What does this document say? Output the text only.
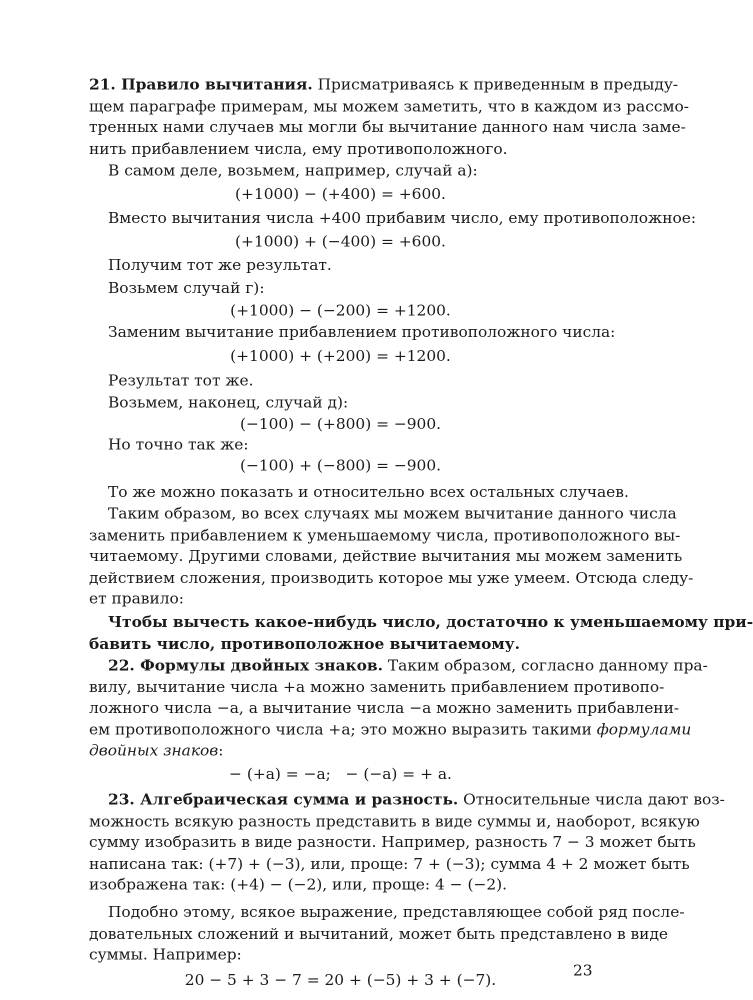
21. Правило вычитания. Присматриваясь к приведенным в предыду-
щем параграфе примерам, мы можем заметить, что в каждом из рассмо-
тренных нами случаев мы могли бы вычитание данного нам числа заме-
нить прибавлением числа, ему противоположного.

В самом деле, возьмем, например, случай а):
(+1000) − (+400) = +600.
Вместо вычитания числа +400 прибавим число, ему противоположное:
(+1000) + (−400) = +600.
Получим тот же результат.
Возьмем случай г):
(+1000) − (−200) = +1200.
Заменим вычитание прибавлением противоположного числа:
(+1000) + (+200) = +1200.
Результат тот же.
Возьмем, наконец, случай д):
(−100) − (+800) = −900.
Но точно так же:
(−100) + (−800) = −900.
То же можно показать и относительно всех остальных случаев.

Таким образом, во всех случаях мы можем вычитание данного числа
заменить прибавлением к уменьшаемому числа, противоположного вы-
читаемому. Другими словами, действие вычитания мы можем заменить
действием сложения, производить которое мы уже умеем. Отсюда следу-
ет правило:

Чтобы вычесть какое-нибудь число, достаточно к уменьшаемому при-
бавить число, противоположное вычитаемому.

22. Формулы двойных знаков. Таким образом, согласно данному пра-
вилу, вычитание числа +a можно заменить прибавлением противопо-
ложного числа −a, а вычитание числа −a можно заменить прибавлени-
ем противоположного числа +a; это можно выразить такими формулами
двойных знаков:

− (+a) = −a;   − (−a) = + a.

23. Алгебраическая сумма и разность. Относительные числа дают воз-
можность всякую разность представить в виде суммы и, наоборот, всякую
сумму изобразить в виде разности. Например, разность 7 − 3 может быть
написана так: (+7) + (−3), или, проще: 7 + (−3); сумма 4 + 2 может быть
изображена так: (+4) − (−2), или, проще: 4 − (−2).

Подобно этому, всякое выражение, представляющее собой ряд после-
довательных сложений и вычитаний, может быть представлено в виде
суммы. Например:

20 − 5 + 3 − 7 = 20 + (−5) + 3 + (−7).
23
